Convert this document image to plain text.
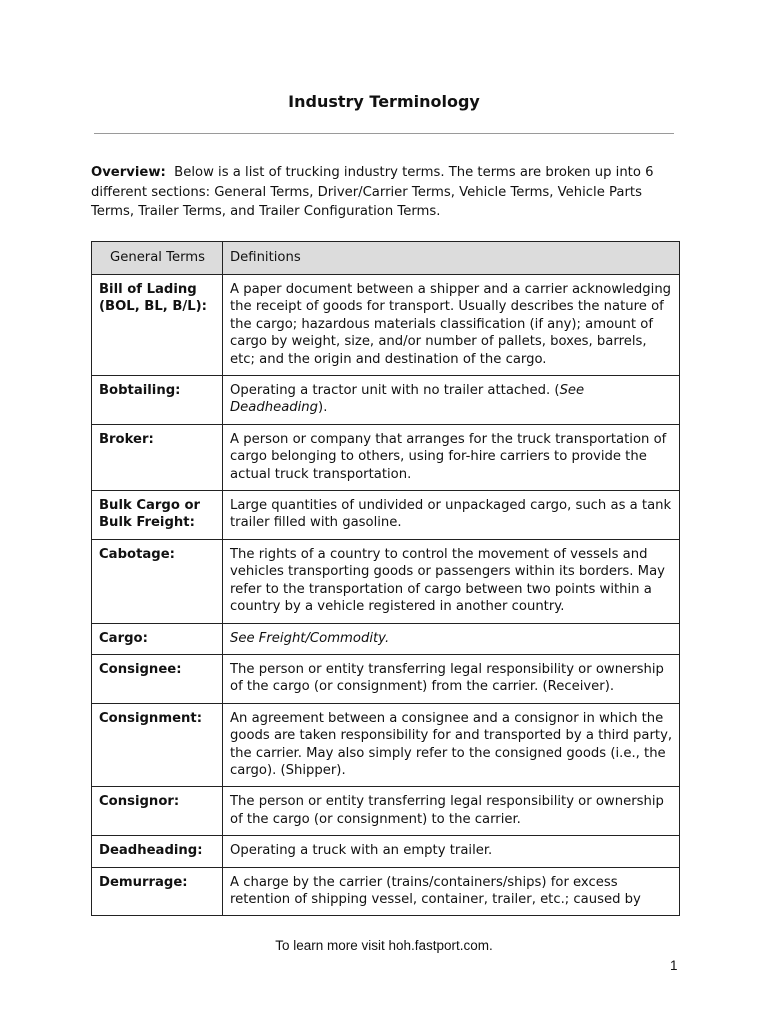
Industry Terminology
Overview: Below is a list of trucking industry terms. The terms are broken up into 6 different sections: General Terms, Driver/Carrier Terms, Vehicle Terms, Vehicle Parts Terms, Trailer Terms, and Trailer Configuration Terms.
General Terms	Definitions
Bill of Lading (BOL, BL, B/L):	A paper document between a shipper and a carrier acknowledging the receipt of goods for transport. Usually describes the nature of the cargo; hazardous materials classification (if any); amount of cargo by weight, size, and/or number of pallets, boxes, barrels, etc; and the origin and destination of the cargo.
Bobtailing:	Operating a tractor unit with no trailer attached. (See Deadheading).
Broker:	A person or company that arranges for the truck transportation of cargo belonging to others, using for-hire carriers to provide the actual truck transportation.
Bulk Cargo or Bulk Freight:	Large quantities of undivided or unpackaged cargo, such as a tank trailer filled with gasoline.
Cabotage:	The rights of a country to control the movement of vessels and vehicles transporting goods or passengers within its borders. May refer to the transportation of cargo between two points within a country by a vehicle registered in another country.
Cargo:	See Freight/Commodity.
Consignee:	The person or entity transferring legal responsibility or ownership of the cargo (or consignment) from the carrier. (Receiver).
Consignment:	An agreement between a consignee and a consignor in which the goods are taken responsibility for and transported by a third party, the carrier. May also simply refer to the consigned goods (i.e., the cargo). (Shipper).
Consignor:	The person or entity transferring legal responsibility or ownership of the cargo (or consignment) to the carrier.
Deadheading:	Operating a truck with an empty trailer.
Demurrage:	A charge by the carrier (trains/containers/ships) for excess retention of shipping vessel, container, trailer, etc.; caused by
To learn more visit hoh.fastport.com.
1
